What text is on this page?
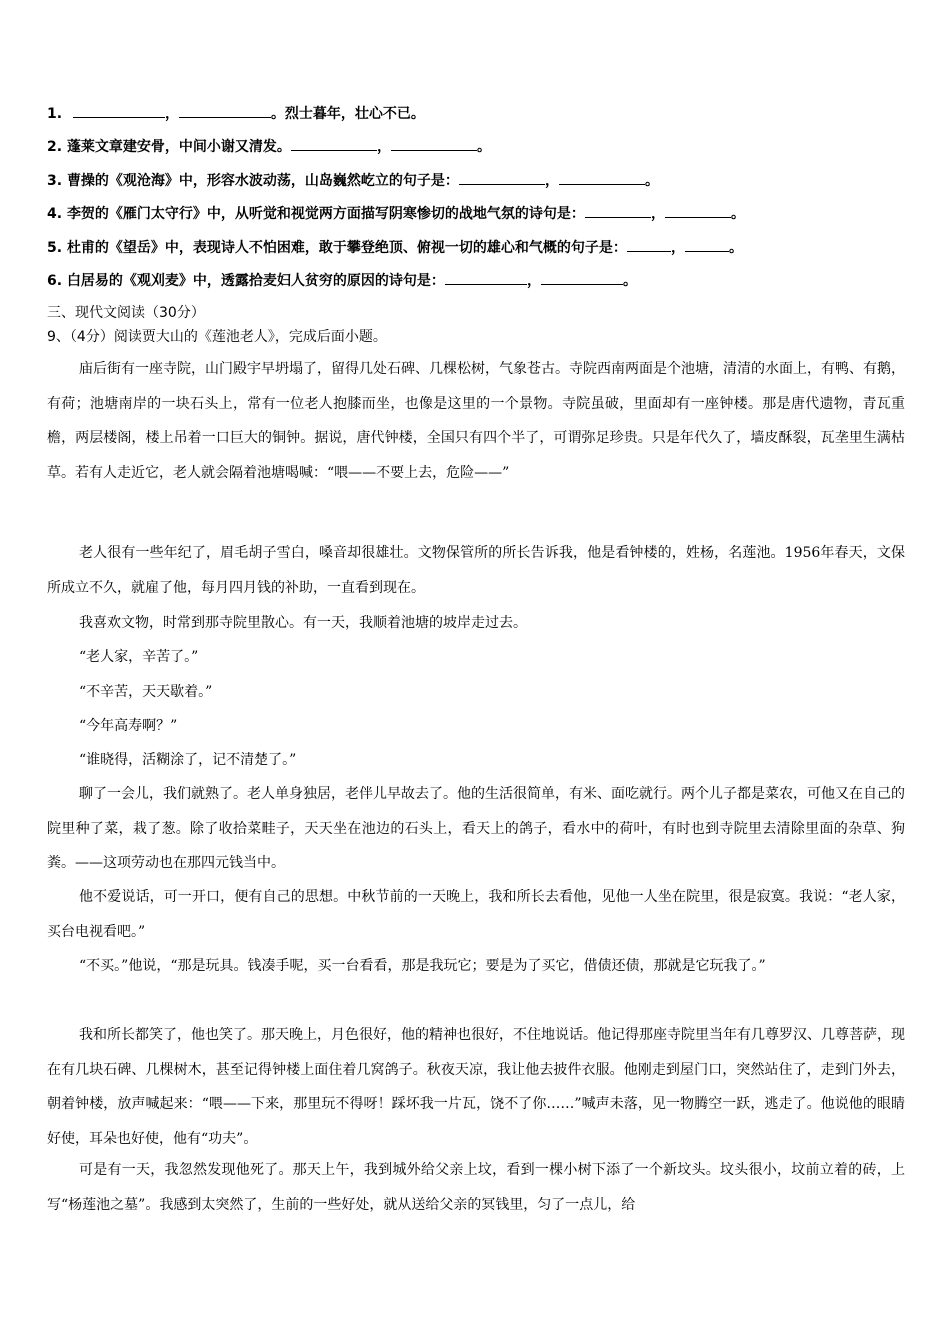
1.	，	。烈士暮年，壮心不已。
2. 蓬莱文章建安骨，中间小谢又清发。	，	。
3. 曹操的《观沧海》中，形容水波动荡，山岛巍然屹立的句子是：	，	。
4. 李贺的《雁门太守行》中，从听觉和视觉两方面描写阴寒惨切的战地气氛的诗句是：	，	。
5. 杜甫的《望岳》中，表现诗人不怕困难，敢于攀登绝顶、俯视一切的雄心和气概的句子是：	，	。
6. 白居易的《观刈麦》中，透露拾麦妇人贫穷的原因的诗句是：	，	。
三、现代文阅读（30分）
9、（4分）阅读贾大山的《莲池老人》，完成后面小题。

庙后街有一座寺院，山门殿宇早坍塌了，留得几处石碑、几棵松树，气象苍古。寺院西南两面是个池塘，清清的水面上，有鸭、有鹅，有荷；池塘南岸的一块石头上，常有一位老人抱膝而坐，也像是这里的一个景物。寺院虽破，里面却有一座钟楼。那是唐代遗物，青瓦重檐，两层楼阁，楼上吊着一口巨大的铜钟。据说，唐代钟楼，全国只有四个半了，可谓弥足珍贵。只是年代久了，墙皮酥裂，瓦垄里生满枯草。若有人走近它，老人就会隔着池塘喝喊：“喂——不要上去，危险——”

老人很有一些年纪了，眉毛胡子雪白，嗓音却很雄壮。文物保管所的所长告诉我，他是看钟楼的，姓杨，名莲池。1956年春天，文保所成立不久，就雇了他，每月四月钱的补助，一直看到现在。

我喜欢文物，时常到那寺院里散心。有一天，我顺着池塘的坡岸走过去。

“老人家，辛苦了。”

“不辛苦，天天歇着。”

“今年高寿啊？”

“谁晓得，活糊涂了，记不清楚了。”

聊了一会儿，我们就熟了。老人单身独居，老伴儿早故去了。他的生活很简单，有米、面吃就行。两个儿子都是菜农，可他又在自己的院里种了菜，栽了葱。除了收拾菜畦子，天天坐在池边的石头上，看天上的鸽子，看水中的荷叶，有时也到寺院里去清除里面的杂草、狗粪。——这项劳动也在那四元钱当中。

他不爱说话，可一开口，便有自己的思想。中秋节前的一天晚上，我和所长去看他，见他一人坐在院里，很是寂寞。我说：“老人家，买台电视看吧。”

“不买。”他说，“那是玩具。钱凑手呢，买一台看看，那是我玩它；要是为了买它，借债还债，那就是它玩我了。”

我和所长都笑了，他也笑了。那天晚上，月色很好，他的精神也很好，不住地说话。他记得那座寺院里当年有几尊罗汉、几尊菩萨，现在有几块石碑、几棵树木，甚至记得钟楼上面住着几窝鸽子。秋夜天凉，我让他去披件衣服。他刚走到屋门口，突然站住了，走到门外去，朝着钟楼，放声喊起来：“喂——下来，那里玩不得呀！踩坏我一片瓦，饶不了你……”喊声未落，见一物腾空一跃，逃走了。他说他的眼睛好使，耳朵也好使，他有“功夫”。

可是有一天，我忽然发现他死了。那天上午，我到城外给父亲上坟，看到一棵小树下添了一个新坟头。坟头很小，坟前立着的砖，上写“杨莲池之墓”。我感到太突然了，生前的一些好处，就从送给父亲的冥钱里，匀了一点儿，给
